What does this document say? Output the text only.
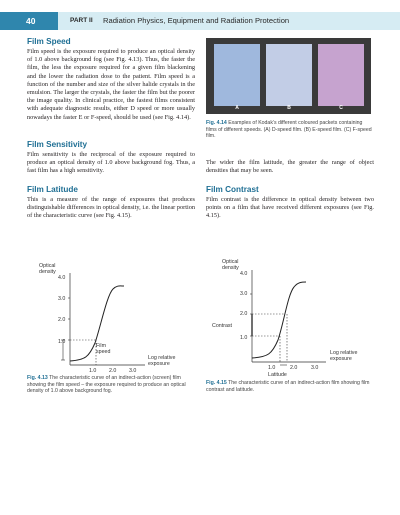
40	PART II Radiation Physics, Equipment and Radiation Protection
Film Speed
Film speed is the exposure required to produce an optical density of 1.0 above background fog (see Fig. 4.13). Thus, the faster the film, the less the exposure required for a given film blackening and the lower the radiation dose to the patient. Film speed is a function of the number and size of the silver halide crystals in the emulsion. The larger the crystals, the faster the film but the poorer the image quality. In clinical practice, the fastest films consistent with adequate diagnostic results, either D speed or more usually nowadays the faster E or F-speed, should be used (see Fig. 4.14).
Film Sensitivity
Film sensitivity is the reciprocal of the exposure required to produce an optical density of 1.0 above background fog. Thus, a fast film has a high sensitivity.
Film Latitude
This is a measure of the range of exposures that produces distinguishable differences in optical density, i.e. the linear portion of the characteristic curve (see Fig. 4.15).
A	B	C
Fig. 4.14 Examples of Kodak’s different coloured packets containing films of different speeds. (A) D-speed film. (B) E-speed film. (C) F-speed film.
The wider the film latitude, the greater the range of object densities that may be seen.
Film Contrast
Film contrast is the difference in optical density between two points on a film that have received different exposures (see Fig. 4.15).
Optical
density
4.0
3.0
2.0
1.0
Film
speed
1.0 2.0 3.0
Log relative
exposure
Fig. 4.13 The characteristic curve of an indirect-action (screen) film showing the film speed – the exposure required to produce an optical density of 1.0 above background fog.
Optical
density
4.0
3.0
2.0
1.0
Contrast
Latitude
1.0	2.0	3.0
Log relative
exposure
Fig. 4.15 The characteristic curve of an indirect-action film showing film contrast and latitude.
